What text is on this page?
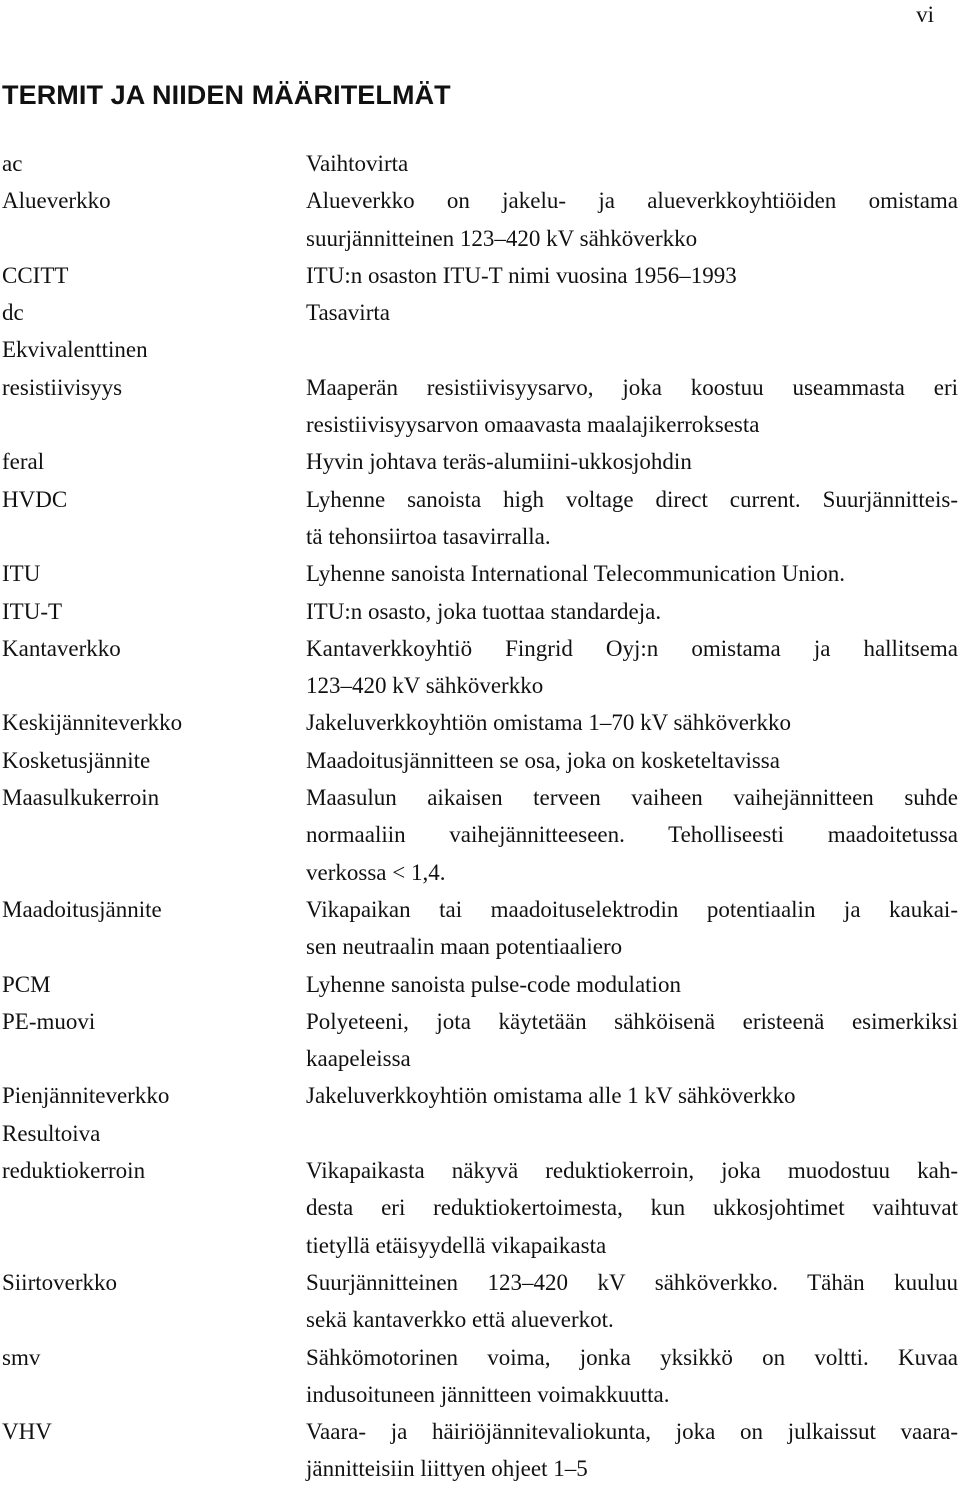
vi
TERMIT JA NIIDEN MÄÄRITELMÄT
ac	Vaihtovirta
Alueverkko	Alueverkko on jakelu- ja alueverkkoyhtiöiden omistama
suurjännitteinen 123–420 kV sähköverkko
CCITT	ITU:n osaston ITU-T nimi vuosina 1956–1993
dc	Tasavirta
Ekvivalenttinen

resistiivisyys	Maaperän resistiivisyysarvo, joka koostuu useammasta eri
resistiivisyysarvon omaavasta maalajikerroksesta
feral	Hyvin johtava teräs-alumiini-ukkosjohdin
HVDC	Lyhenne sanoista high voltage direct current. Suurjännitteis-
tä tehonsiirtoa tasavirralla.
ITU	Lyhenne sanoista International Telecommunication Union.
ITU-T	ITU:n osasto, joka tuottaa standardeja.
Kantaverkko	Kantaverkkoyhtiö Fingrid Oyj:n omistama ja hallitsema
123–420 kV sähköverkko
Keskijänniteverkko	Jakeluverkkoyhtiön omistama 1–70 kV sähköverkko
Kosketusjännite	Maadoitusjännitteen se osa, joka on kosketeltavissa
Maasulkukerroin	Maasulun aikaisen terveen vaiheen vaihejännitteen suhde
normaaliin vaihejännitteeseen. Teholliseesti maadoitetussa
verkossa < 1,4.
Maadoitusjännite	Vikapaikan tai maadoituselektrodin potentiaalin ja kaukai-
sen neutraalin maan potentiaaliero
PCM	Lyhenne sanoista pulse-code modulation
PE-muovi	Polyeteeni, jota käytetään sähköisenä eristeenä esimerkiksi
kaapeleissa
Pienjänniteverkko	Jakeluverkkoyhtiön omistama alle 1 kV sähköverkko
Resultoiva

reduktiokerroin	Vikapaikasta näkyvä reduktiokerroin, joka muodostuu kah-
desta eri reduktiokertoimesta, kun ukkosjohtimet vaihtuvat
tietyllä etäisyydellä vikapaikasta
Siirtoverkko	Suurjännitteinen 123–420 kV sähköverkko. Tähän kuuluu
sekä kantaverkko että alueverkot.
smv	Sähkömotorinen voima, jonka yksikkö on voltti. Kuvaa
indusoituneen jännitteen voimakkuutta.
VHV	Vaara- ja häiriöjännitevaliokunta, joka on julkaissut vaara-
jännitteisiin liittyen ohjeet 1–5
